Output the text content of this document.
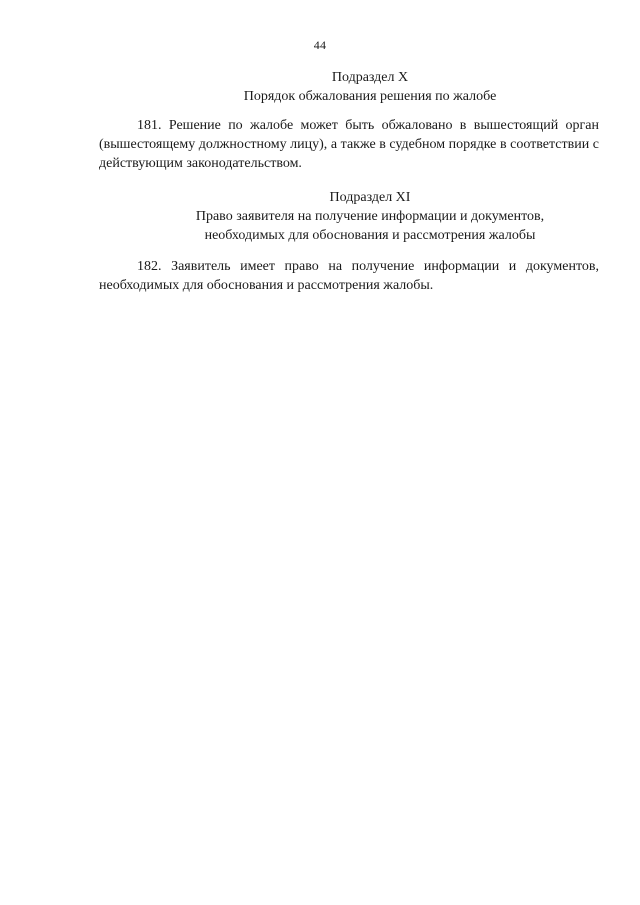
44
Подраздел X
Порядок обжалования решения по жалобе
181. Решение по жалобе может быть обжаловано в вышестоящий орган (вышестоящему должностному лицу), а также в судебном порядке в соответствии с действующим законодательством.
Подраздел XI
Право заявителя на получение информации и документов,
необходимых для обоснования и рассмотрения жалобы
182. Заявитель имеет право на получение информации и документов, необходимых для обоснования и рассмотрения жалобы.
